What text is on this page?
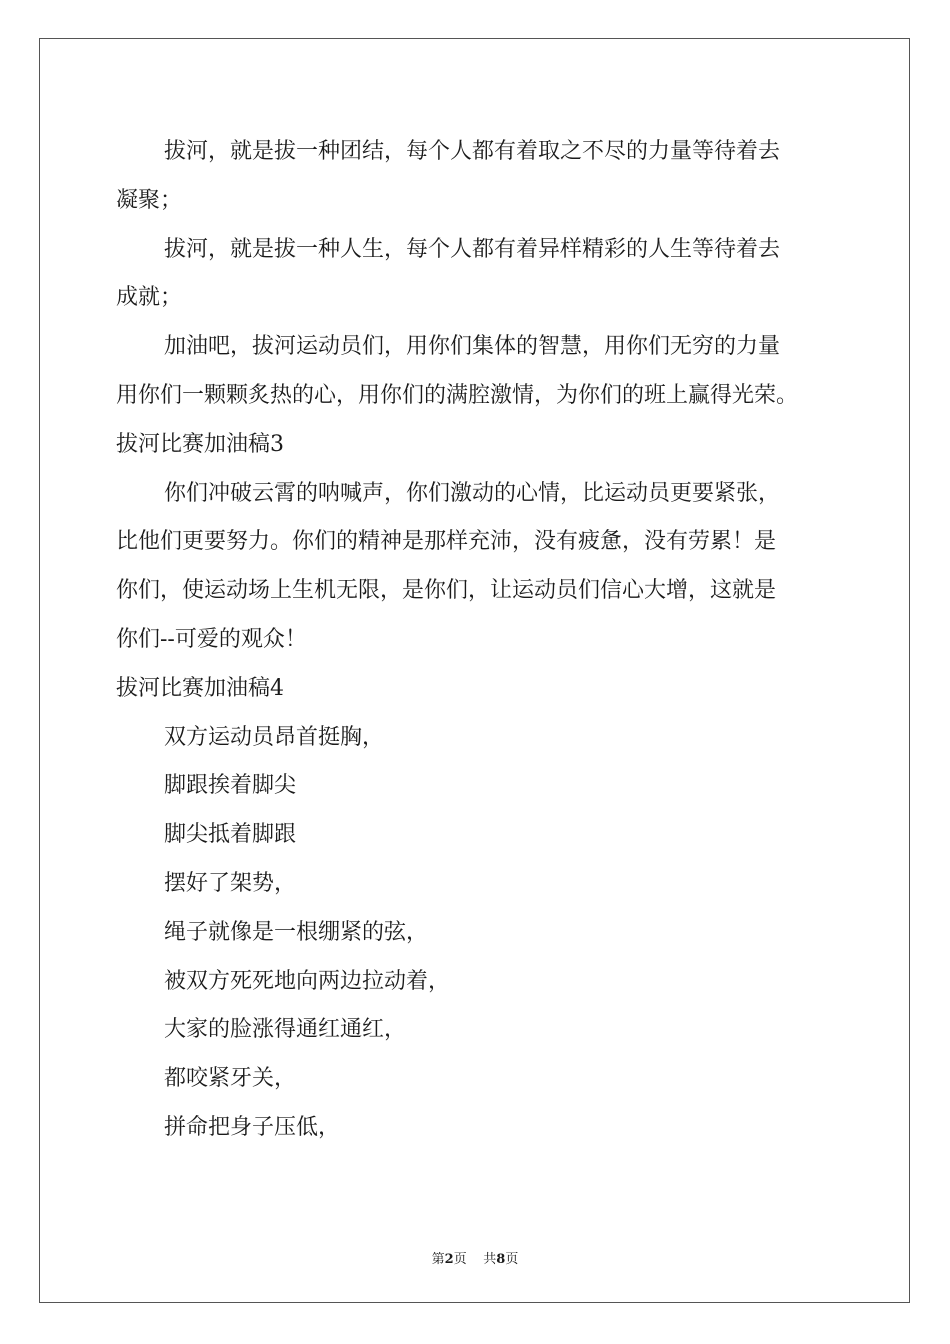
拔河，就是拔一种团结，每个人都有着取之不尽的力量等待着去
凝聚；
拔河，就是拔一种人生，每个人都有着异样精彩的人生等待着去
成就；
加油吧，拔河运动员们，用你们集体的智慧，用你们无穷的力量
用你们一颗颗炙热的心，用你们的满腔激情，为你们的班上赢得光荣。
拔河比赛加油稿3
你们冲破云霄的呐喊声，你们激动的心情，比运动员更要紧张，
比他们更要努力。你们的精神是那样充沛，没有疲惫，没有劳累！是
你们，使运动场上生机无限，是你们，让运动员们信心大增，这就是
你们--可爱的观众！
拔河比赛加油稿4
双方运动员昂首挺胸，
脚跟挨着脚尖
脚尖抵着脚跟
摆好了架势，
绳子就像是一根绷紧的弦，
被双方死死地向两边拉动着，
大家的脸涨得通红通红，
都咬紧牙关，
拼命把身子压低，
第2页 共8页
